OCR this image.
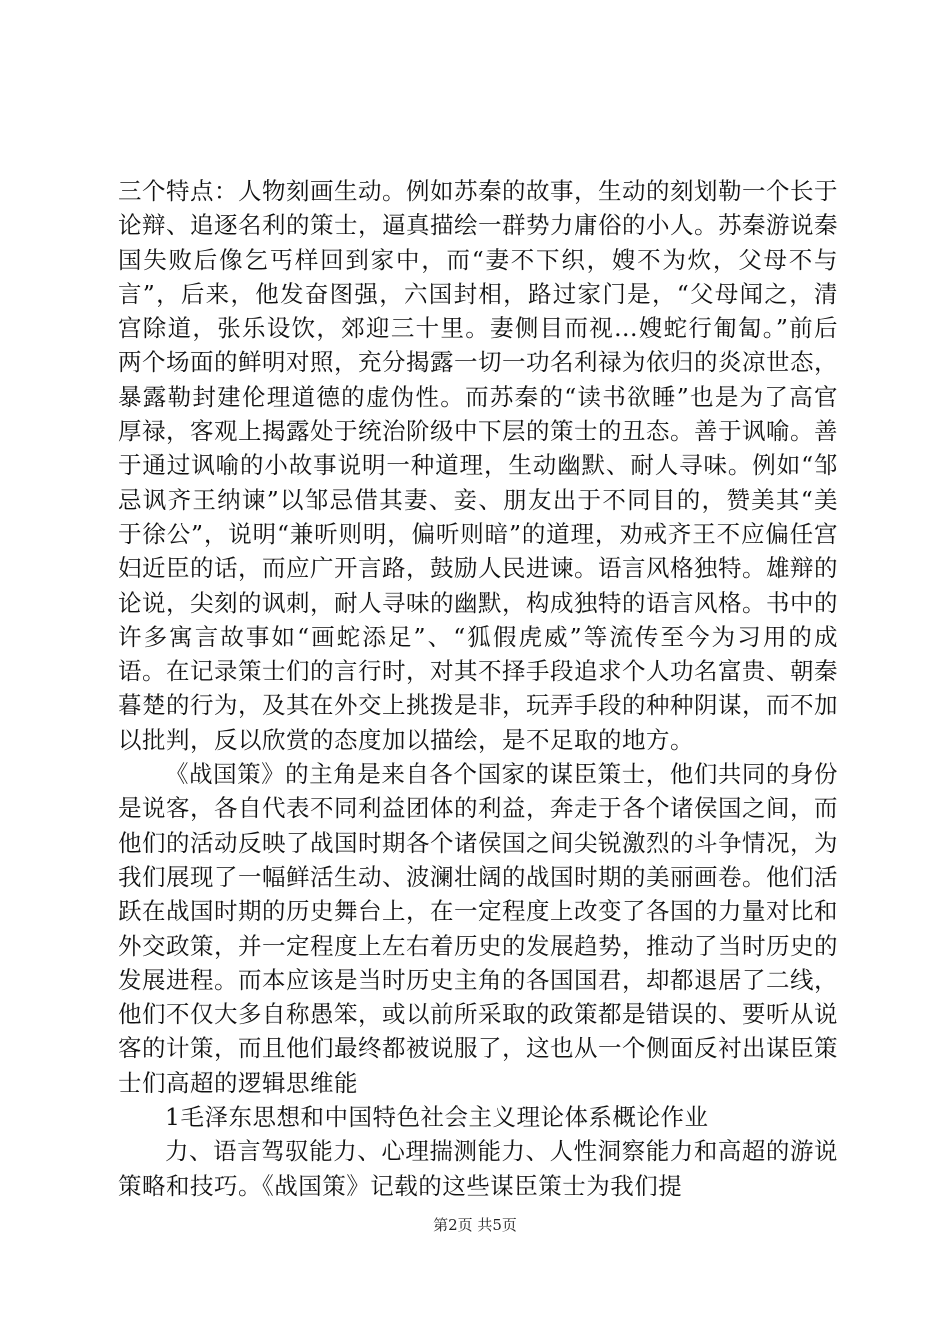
三个特点：人物刻画生动。例如苏秦的故事，生动的刻划勒一个长于论辩、追逐名利的策士，逼真描绘一群势力庸俗的小人。苏秦游说秦国失败后像乞丐样回到家中，而“妻不下织，嫂不为炊，父母不与言”，后来，他发奋图强，六国封相，路过家门是，“父母闻之，清宫除道，张乐设饮，郊迎三十里。妻侧目而视...嫂蛇行匍匐。”前后两个场面的鲜明对照，充分揭露一切一功名利禄为依归的炎凉世态，暴露勒封建伦理道德的虚伪性。而苏秦的“读书欲睡”也是为了高官厚禄，客观上揭露处于统治阶级中下层的策士的丑态。善于讽喻。善于通过讽喻的小故事说明一种道理，生动幽默、耐人寻味。例如“邹忌讽齐王纳谏”以邹忌借其妻、妾、朋友出于不同目的，赞美其“美于徐公”，说明“兼听则明，偏听则暗”的道理，劝戒齐王不应偏任宫妇近臣的话，而应广开言路，鼓励人民进谏。语言风格独特。雄辩的论说，尖刻的讽刺，耐人寻味的幽默，构成独特的语言风格。书中的许多寓言故事如“画蛇添足”、“狐假虎威”等流传至今为习用的成语。在记录策士们的言行时，对其不择手段追求个人功名富贵、朝秦暮楚的行为，及其在外交上挑拨是非，玩弄手段的种种阴谋，而不加以批判，反以欣赏的态度加以描绘，是不足取的地方。

《战国策》的主角是来自各个国家的谋臣策士，他们共同的身份是说客，各自代表不同利益团体的利益，奔走于各个诸侯国之间，而他们的活动反映了战国时期各个诸侯国之间尖锐激烈的斗争情况，为我们展现了一幅鲜活生动、波澜壮阔的战国时期的美丽画卷。他们活跃在战国时期的历史舞台上，在一定程度上改变了各国的力量对比和外交政策，并一定程度上左右着历史的发展趋势，推动了当时历史的发展进程。而本应该是当时历史主角的各国国君，却都退居了二线，他们不仅大多自称愚笨，或以前所采取的政策都是错误的、要听从说客的计策，而且他们最终都被说服了，这也从一个侧面反衬出谋臣策士们高超的逻辑思维能

1毛泽东思想和中国特色社会主义理论体系概论作业

力、语言驾驭能力、心理揣测能力、人性洞察能力和高超的游说策略和技巧。《战国策》记载的这些谋臣策士为我们提

第2页 共5页
